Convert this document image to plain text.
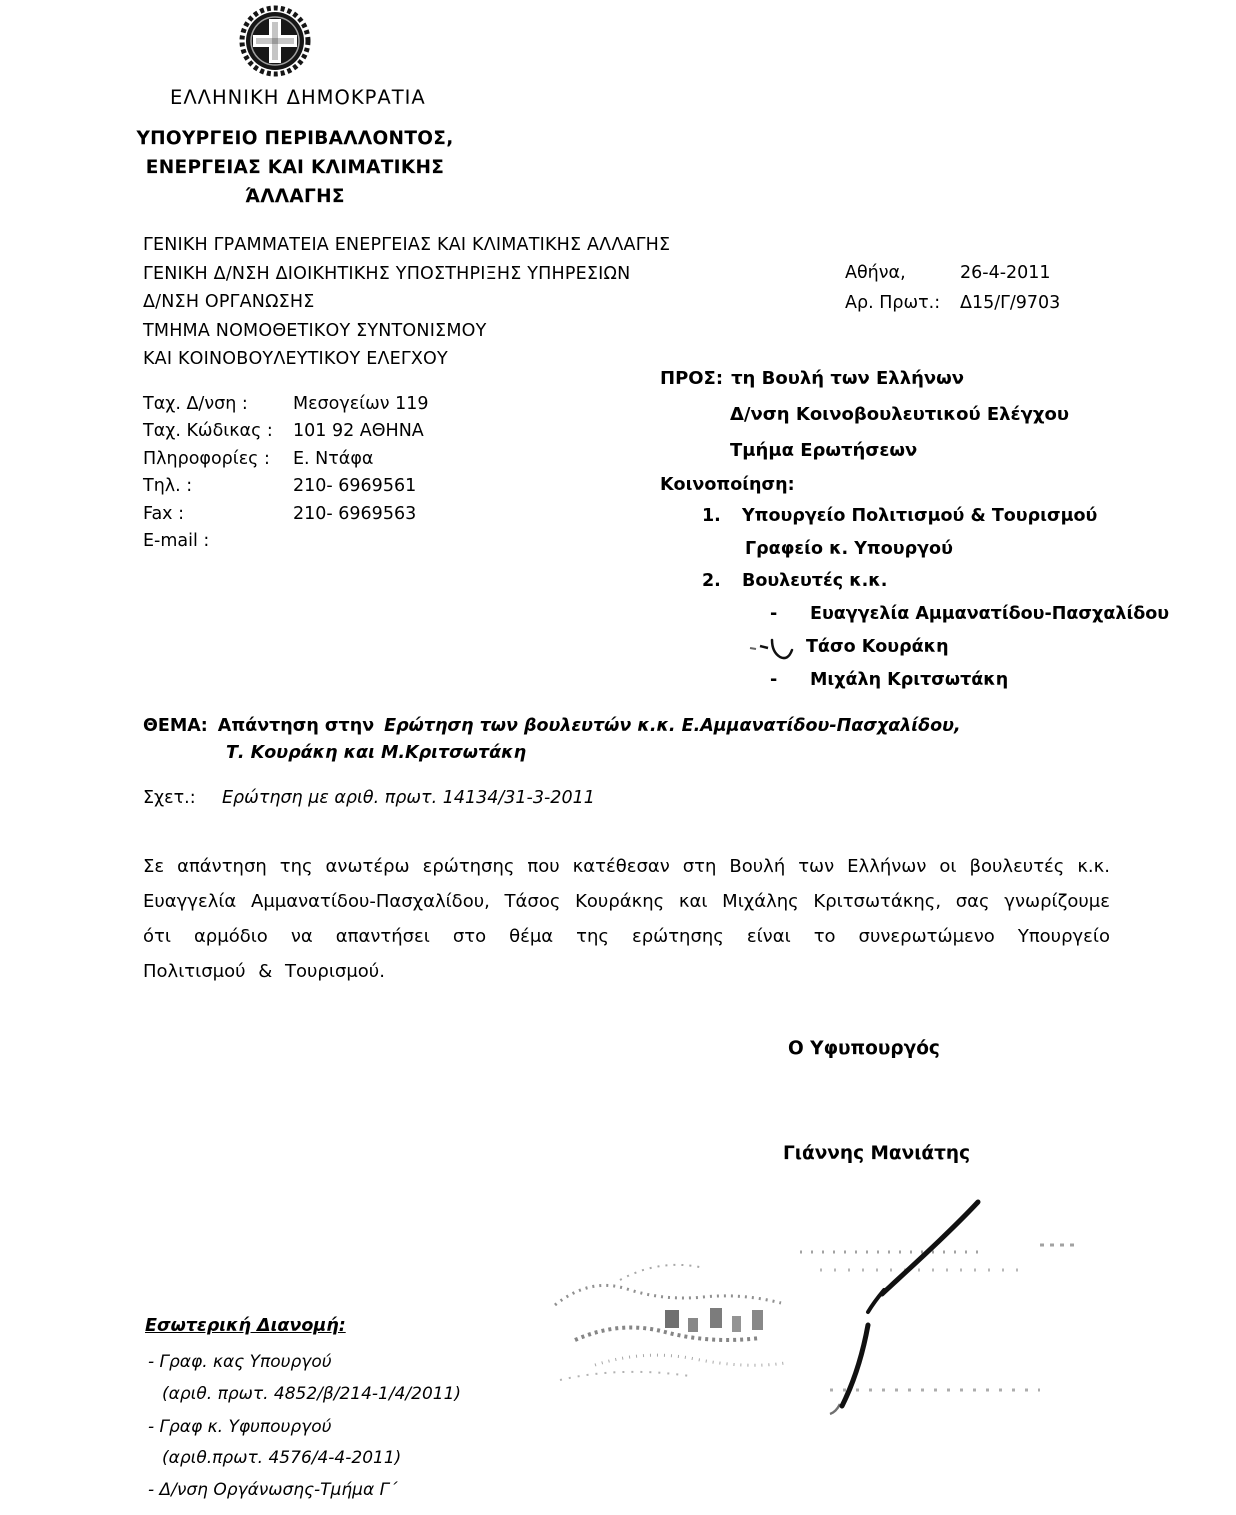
ΕΛΛΗΝΙΚΗ ΔΗΜΟΚΡΑΤΙΑ
ΥΠΟΥΡΓΕΙΟ ΠΕΡΙΒΑΛΛΟΝΤΟΣ,
ΕΝΕΡΓΕΙΑΣ ΚΑΙ ΚΛΙΜΑΤΙΚΗΣ
ΆΛΛΑΓΗΣ
ΓΕΝΙΚΗ ΓΡΑΜΜΑΤΕΙΑ ΕΝΕΡΓΕΙΑΣ ΚΑΙ ΚΛΙΜΑΤΙΚΗΣ ΑΛΛΑΓΗΣ
ΓΕΝΙΚΗ Δ/ΝΣΗ ΔΙΟΙΚΗΤΙΚΗΣ ΥΠΟΣΤΗΡΙΞΗΣ ΥΠΗΡΕΣΙΩΝ
Δ/ΝΣΗ ΟΡΓΑΝΩΣΗΣ
ΤΜΗΜΑ ΝΟΜΟΘΕΤΙΚΟΥ ΣΥΝΤΟΝΙΣΜΟΥ
ΚΑΙ ΚΟΙΝΟΒΟΥΛΕΥΤΙΚΟΥ ΕΛΕΓΧΟΥ
Αθήνα,	26-4-2011
Αρ. Πρωτ.:	Δ15/Γ/9703
Ταχ. Δ/νση :	Μεσογείων 119
Ταχ. Κώδικας :	101 92 ΑΘΗΝΑ
Πληροφορίες :	Ε. Ντάφα
Τηλ. :	210- 6969561
Fax :	210- 6969563
E-mail :
ΠΡΟΣ: τη Βουλή των Ελλήνων
Δ/νση Κοινοβουλευτικού Ελέγχου
Τμήμα Ερωτήσεων
Κοινοποίηση:
1.	Υπουργείο Πολιτισμού & Τουρισμού
Γραφείο κ. Υπουργού
2.	Βουλευτές κ.κ.
-	Ευαγγελία Αμμανατίδου-Πασχαλίδου
Τάσο Κουράκη
-	Μιχάλη Κριτσωτάκη
ΘΕΜΑ: Απάντηση στην Ερώτηση των βουλευτών κ.κ. Ε.Αμμανατίδου-Πασχαλίδου,
Τ. Κουράκη και Μ.Κριτσωτάκη
Σχετ.:	Ερώτηση με αριθ. πρωτ. 14134/31-3-2011
Σε απάντηση της ανωτέρω ερώτησης που κατέθεσαν στη Βουλή των Ελλήνων οι βουλευτές κ.κ. Ευαγγελία Αμμανατίδου-Πασχαλίδου, Τάσος Κουράκης και Μιχάλης Κριτσωτάκης, σας γνωρίζουμε ότι αρμόδιο να απαντήσει στο θέμα της ερώτησης είναι το συνερωτώμενο Υπουργείο Πολιτισμού & Τουρισμού.
Ο Υφυπουργός
Γιάννης Μανιάτης
Εσωτερική Διανομή:
- Γραφ. κας Υπουργού
(αριθ. πρωτ. 4852/β/214-1/4/2011)
- Γραφ κ. Υφυπουργού
(αριθ.πρωτ. 4576/4-4-2011)
- Δ/νση Οργάνωσης-Τμήμα Γ΄
